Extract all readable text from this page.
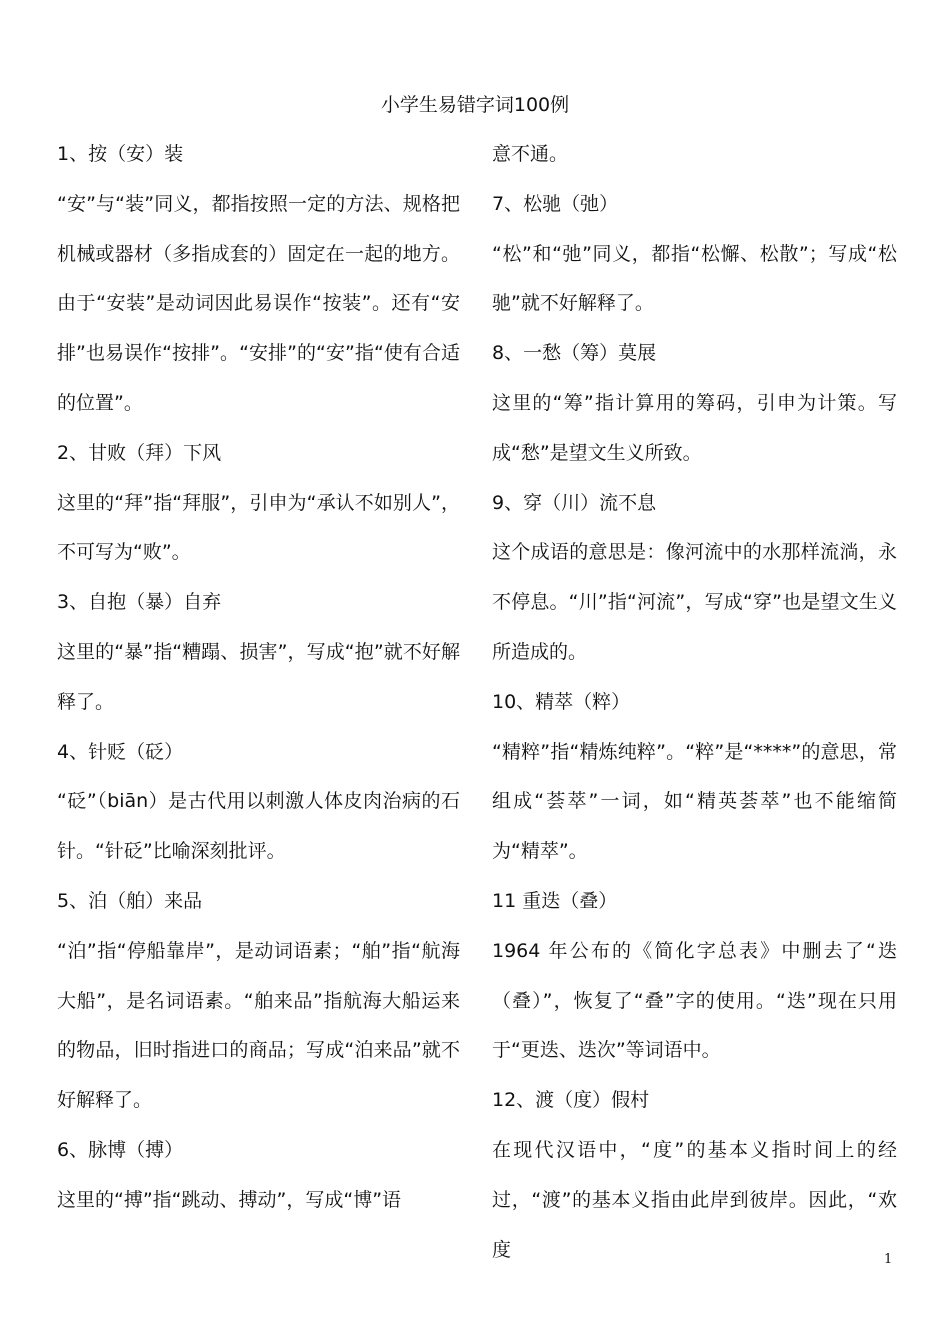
小学生易错字词100例

1、按（安）装

“安”与“装”同义，都指按照一定的方法、规格把机械或器材（多指成套的）固定在一起的地方。由于“安装”是动词因此易误作“按装”。还有“安排”也易误作“按排”。“安排”的“安”指“使有合适的位置”。

2、甘败（拜）下风

这里的“拜”指“拜服”，引申为“承认不如别人”，不可写为“败”。

3、自抱（暴）自弃

这里的“暴”指“糟蹋、损害”，写成“抱”就不好解释了。

4、针贬（砭）

“砭”（biān）是古代用以刺激人体皮肉治病的石针。“针砭”比喻深刻批评。

5、泊（舶）来品

“泊”指“停船靠岸”，是动词语素；“舶”指“航海大船”，是名词语素。“舶来品”指航海大船运来的物品，旧时指进口的商品；写成“泊来品”就不好解释了。

6、脉博（搏）

这里的“搏”指“跳动、搏动”，写成“博”语

意不通。

7、松驰（弛）

“松”和“弛”同义，都指“松懈、松散”；写成“松驰”就不好解释了。

8、一愁（筹）莫展

这里的“筹”指计算用的筹码，引申为计策。写成“愁”是望文生义所致。

9、穿（川）流不息

这个成语的意思是：像河流中的水那样流淌，永不停息。“川”指“河流”，写成“穿”也是望文生义所造成的。

10、精萃（粹）

“精粹”指“精炼纯粹”。“粹”是“****”的意思，常组成“荟萃”一词，如“精英荟萃”也不能缩简为“精萃”。

11 重迭（叠）

1964 年公布的《简化字总表》中删去了“迭（叠）”，恢复了“叠”字的使用。“迭”现在只用于“更迭、迭次”等词语中。

12、渡（度）假村

在现代汉语中，“度”的基本义指时间上的经过，“渡”的基本义指由此岸到彼岸。因此，“欢度	1
